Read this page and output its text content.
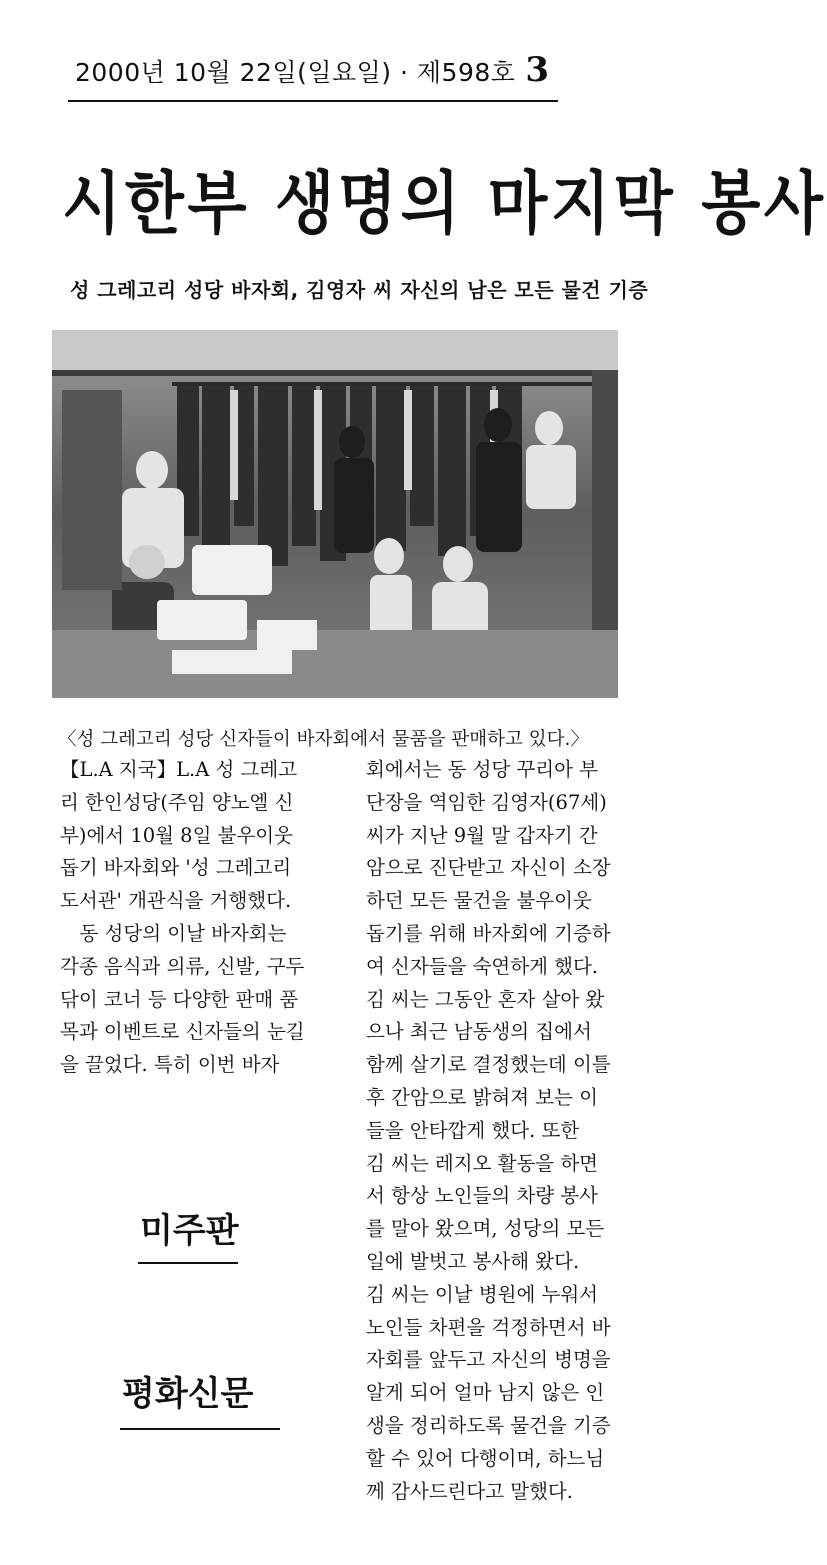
2000년 10월 22일(일요일) · 제598호 3
시한부 생명의 마지막 봉사
성 그레고리 성당 바자회, 김영자 씨 자신의 남은 모든 물건 기증
〈성 그레고리 성당 신자들이 바자회에서 물품을 판매하고 있다.〉
【L.A 지국】L.A 성 그레고
리 한인성당(주임 양노엘 신
부)에서 10월 8일 불우이웃
돕기 바자회와 '성 그레고리
도서관' 개관식을 거행했다.
　동 성당의 이날 바자회는
각종 음식과 의류, 신발, 구두
닦이 코너 등 다양한 판매 품
목과 이벤트로 신자들의 눈길
을 끌었다. 특히 이번 바자
회에서는 동 성당 꾸리아 부
단장을 역임한 김영자(67세)
씨가 지난 9월 말 갑자기 간
암으로 진단받고 자신이 소장
하던 모든 물건을 불우이웃
돕기를 위해 바자회에 기증하
여 신자들을 숙연하게 했다.
김 씨는 그동안 혼자 살아 왔
으나 최근 남동생의 집에서
함께 살기로 결정했는데 이틀
후 간암으로 밝혀져 보는 이
들을 안타깝게 했다. 또한
김 씨는 레지오 활동을 하면
서 항상 노인들의 차량 봉사
를 말아 왔으며, 성당의 모든
일에 발벗고 봉사해 왔다.
김 씨는 이날 병원에 누워서
노인들 차편을 걱정하면서 바
자회를 앞두고 자신의 병명을
알게 되어 얼마 남지 않은 인
생을 정리하도록 물건을 기증
할 수 있어 다행이며, 하느님
께 감사드린다고 말했다.
미주판
평화신문
